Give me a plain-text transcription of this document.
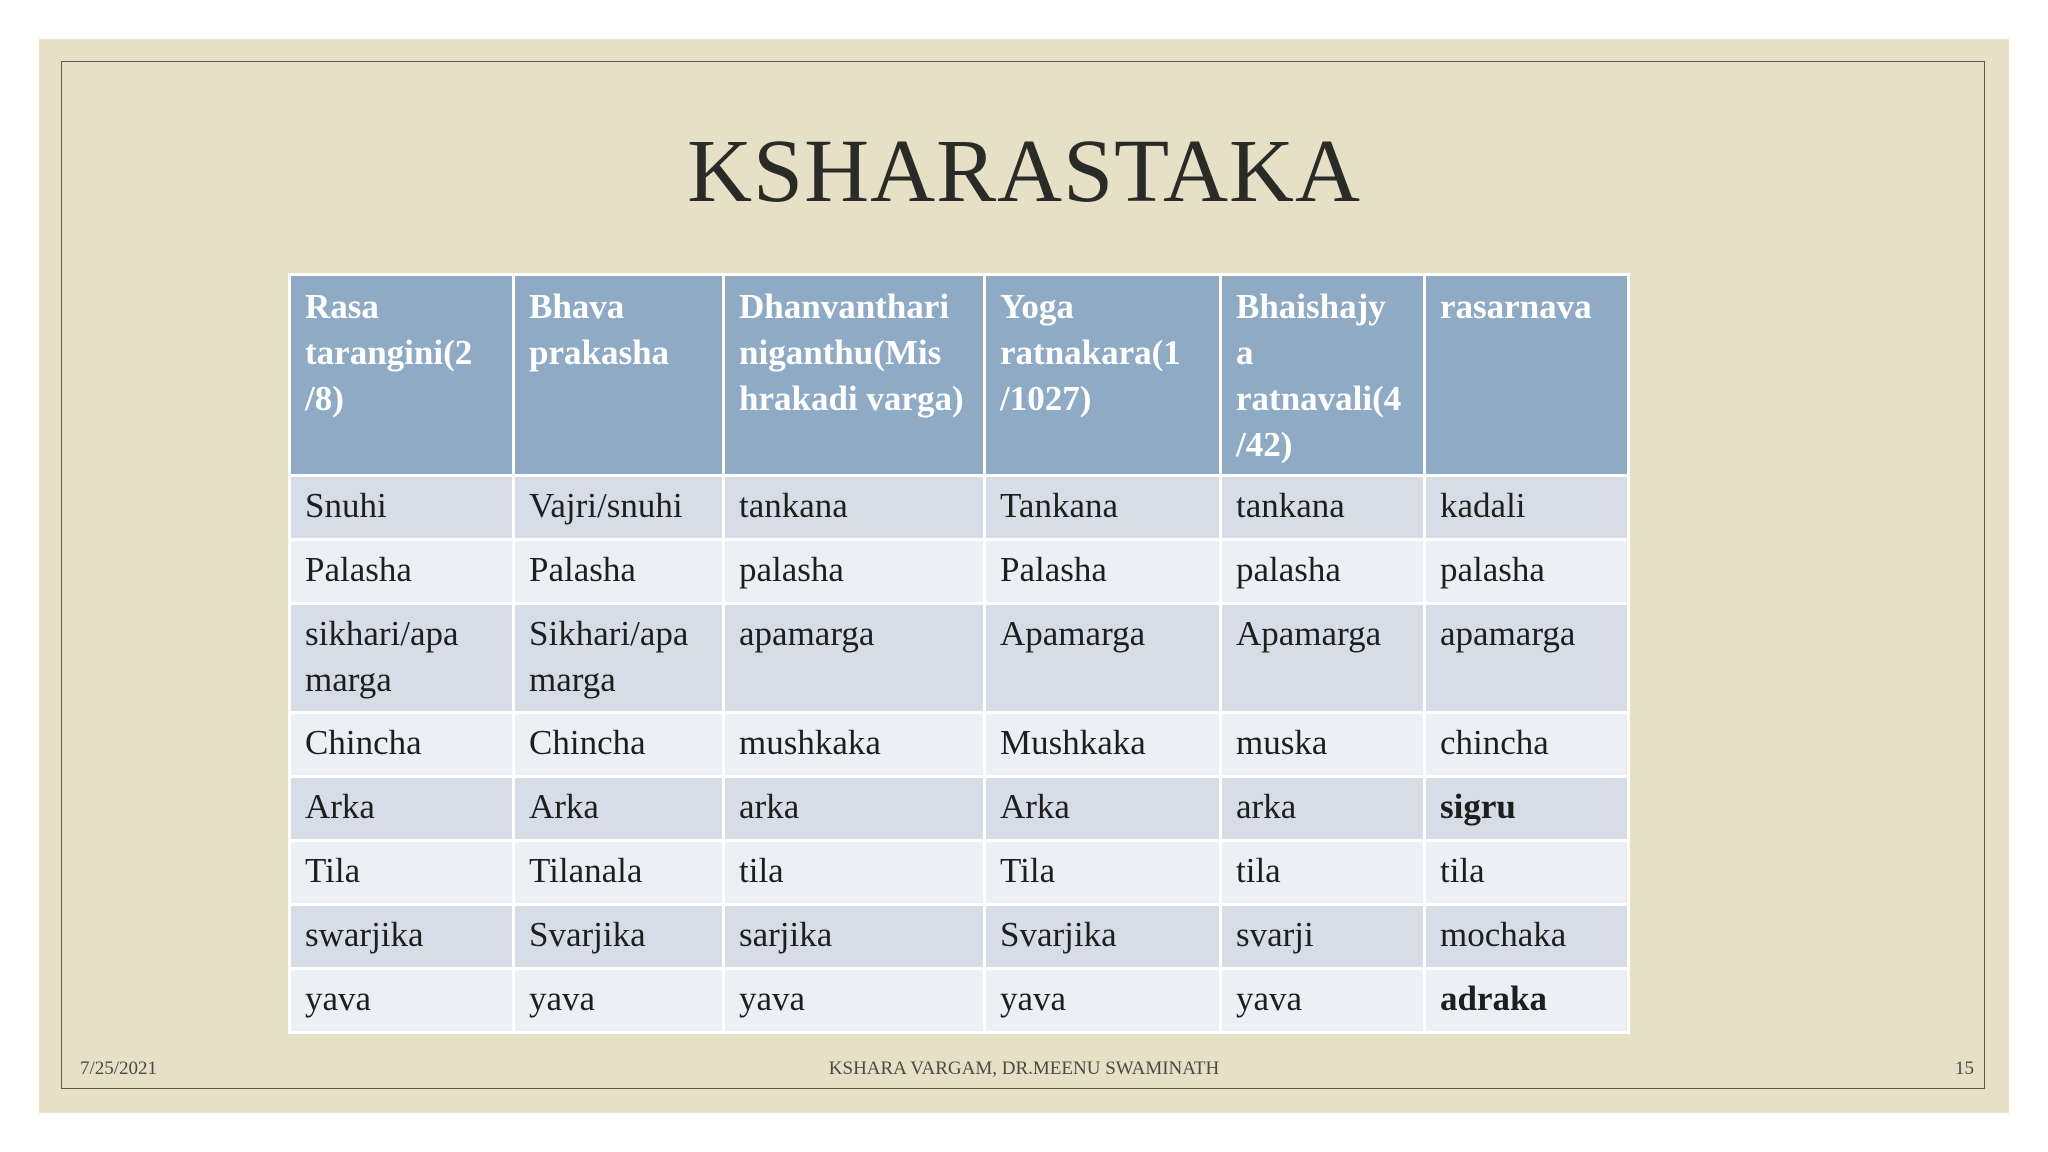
KSHARASTAKA
Rasa tarangini(2 /8)	Bhava prakasha	Dhanvanthari niganthu(Mis hrakadi varga)	Yoga ratnakara(1 /1027)	Bhaishajy a ratnavali(4 /42)	rasarnava
Snuhi	Vajri/snuhi	tankana	Tankana	tankana	kadali
Palasha	Palasha	palasha	Palasha	palasha	palasha
sikhari/apa marga	Sikhari/apa marga	apamarga	Apamarga	Apamarga	apamarga
Chincha	Chincha	mushkaka	Mushkaka	muska	chincha
Arka	Arka	arka	Arka	arka	sigru
Tila	Tilanala	tila	Tila	tila	tila
swarjika	Svarjika	sarjika	Svarjika	svarji	mochaka
yava	yava	yava	yava	yava	adraka
7/25/2021	KSHARA VARGAM, DR.MEENU SWAMINATH	15
